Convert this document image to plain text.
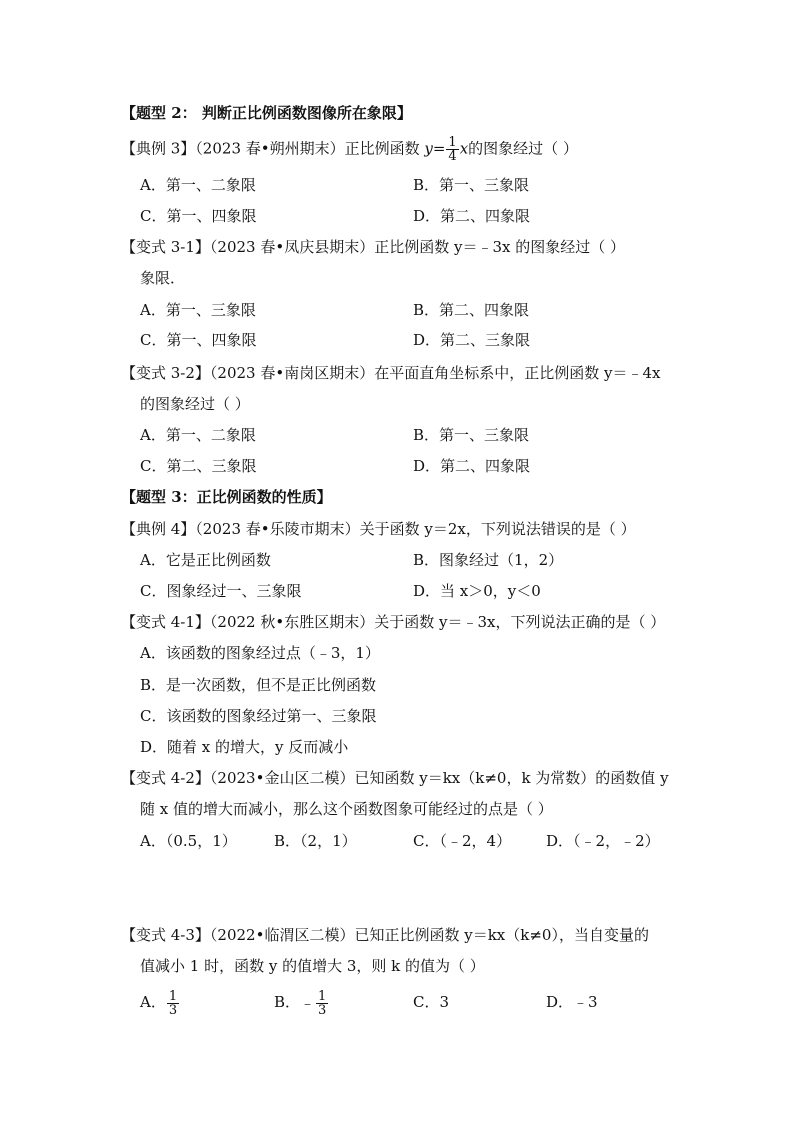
【题型 2： 判断正比例函数图像所在象限】
【典例 3】（2023 春•朔州期末）正比例函数 $y= \frac{1}{4}$ x的图象经过（ ）
A．第一、二象限	B．第一、三象限
C．第一、四象限	D．第二、四象限
【变式 3-1】（2023 春•凤庆县期末）正比例函数 y＝﹣3x 的图象经过（ ）
象限．
A．第一、三象限	B．第二、四象限
C．第一、四象限	D．第二、三象限
【变式 3-2】（2023 春•南岗区期末）在平面直角坐标系中，正比例函数 y＝﹣4x
的图象经过（ ）
A．第一、二象限	B．第一、三象限
C．第二、三象限	D．第二、四象限
【题型 3：正比例函数的性质】
【典例 4】（2023 春•乐陵市期末）关于函数 y＝2x，下列说法错误的是（ ）
A．它是正比例函数	B．图象经过（1，2）
C．图象经过一、三象限	D．当 x＞0，y＜0
【变式 4-1】（2022 秋•东胜区期末）关于函数 y＝﹣3x，下列说法正确的是（ ）
A．该函数的图象经过点（﹣3，1）
B．是一次函数，但不是正比例函数
C．该函数的图象经过第一、三象限
D．随着 x 的增大，y 反而减小
【变式 4-2】（2023•金山区二模）已知函数 y＝kx（k≠0，k 为常数）的函数值 y
随 x 值的增大而减小，那么这个函数图象可能经过的点是（ ）
A．（0.5，1） B．（2，1）	C．（﹣2，4） D．（﹣2，﹣2）
【变式 4-3】（2022•临渭区二模）已知正比例函数 y＝kx（k≠0），当自变量的
值减小 1 时，函数 y 的值增大 3，则 k 的值为（ ）
A． $\frac{1}{3}$	B．﹣ $\frac{1}{3}$	C．3	D．﹣3
